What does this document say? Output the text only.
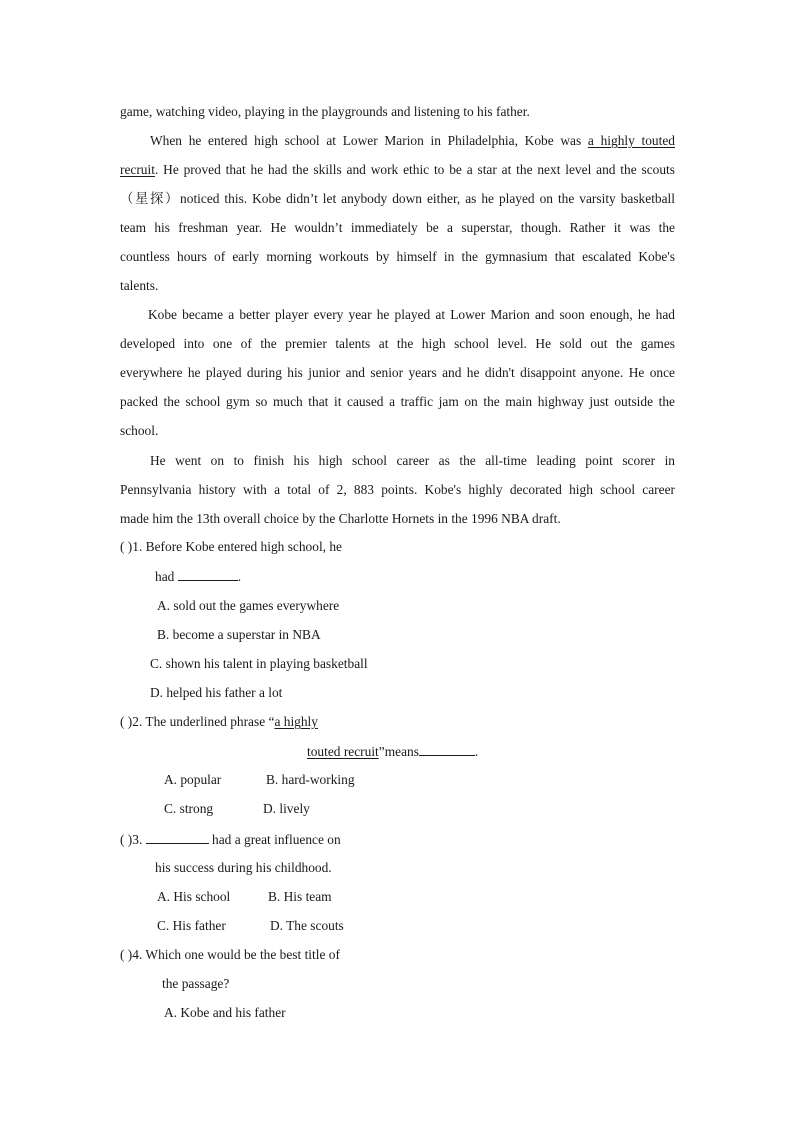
game, watching video, playing in the playgrounds and listening to his father.
When he entered high school at Lower Marion in Philadelphia, Kobe was a highly touted
recruit. He proved that he had the skills and work ethic to be a star at the next level and the scouts
（星探）noticed this. Kobe didn’t let anybody down either, as he played on the varsity basketball
team his freshman year. He wouldn’t immediately be a superstar, though. Rather it was the
countless hours of early morning workouts by himself in the gymnasium that escalated Kobe's
talents.
Kobe became a better player every year he played at Lower Marion and soon enough, he had
developed into one of the premier talents at the high school level. He sold out the games
everywhere he played during his junior and senior years and he didn't disappoint anyone. He once
packed the school gym so much that it caused a traffic jam on the main highway just outside the
school.
He went on to finish his high school career as the all-time leading point scorer in
Pennsylvania history with a total of 2, 883 points. Kobe's highly decorated high school career
made him the 13th overall choice by the Charlotte Hornets in the 1996 NBA draft.
( )1. Before Kobe entered high school, he
had	.
A. sold out the games everywhere
B. become a superstar in NBA
C. shown his talent in playing basketball
D. helped his father a lot
( )2. The underlined phrase “a highly
touted recruit”means	.
A. popular	B. hard-working
C. strong	D. lively
( )3.	had a great influence on
his success during his childhood.
A. His school	B. His team
C. His father	D. The scouts
( )4. Which one would be the best title of
the passage?
A. Kobe and his father
